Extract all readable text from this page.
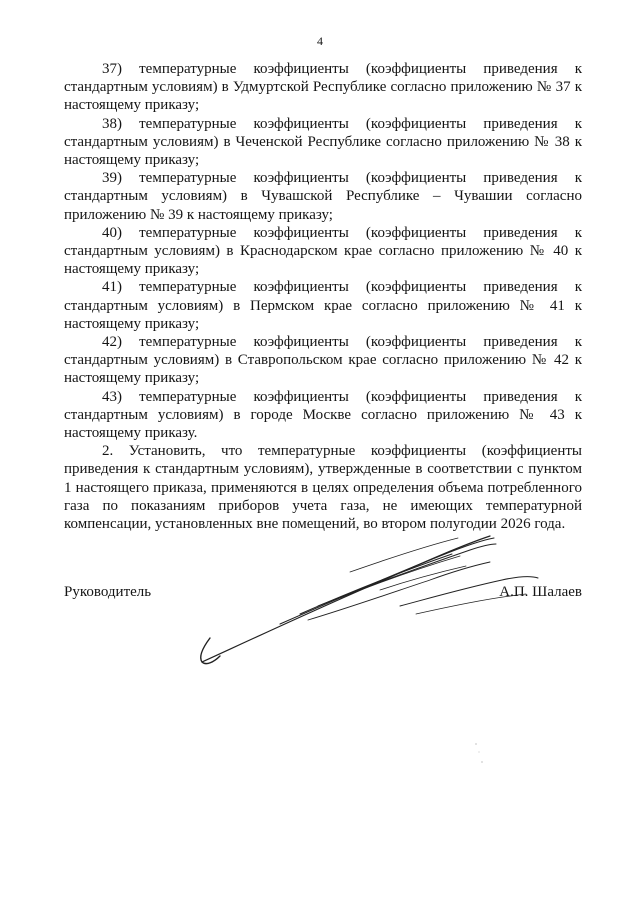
4

37) температурные коэффициенты (коэффициенты приведения к стандартным условиям) в Удмуртской Республике согласно приложению № 37 к настоящему приказу;

38) температурные коэффициенты (коэффициенты приведения к стандартным условиям) в Чеченской Республике согласно приложению № 38 к настоящему приказу;

39) температурные коэффициенты (коэффициенты приведения к стандартным условиям) в Чувашской Республике – Чувашии согласно приложению № 39 к настоящему приказу;

40) температурные коэффициенты (коэффициенты приведения к стандартным условиям) в Краснодарском крае согласно приложению № 40 к настоящему приказу;

41) температурные коэффициенты (коэффициенты приведения к стандартным условиям) в Пермском крае согласно приложению № 41 к настоящему приказу;

42) температурные коэффициенты (коэффициенты приведения к стандартным условиям) в Ставропольском крае согласно приложению № 42 к настоящему приказу;

43) температурные коэффициенты (коэффициенты приведения к стандартным условиям) в городе Москве согласно приложению № 43 к настоящему приказу.

2. Установить, что температурные коэффициенты (коэффициенты приведения к стандартным условиям), утвержденные в соответствии с пунктом 1 настоящего приказа, применяются в целях определения объема потребленного газа по показаниям приборов учета газа, не имеющих температурной компенсации, установленных вне помещений, во втором полугодии 2026 года.

Руководитель	А.П. Шалаев
